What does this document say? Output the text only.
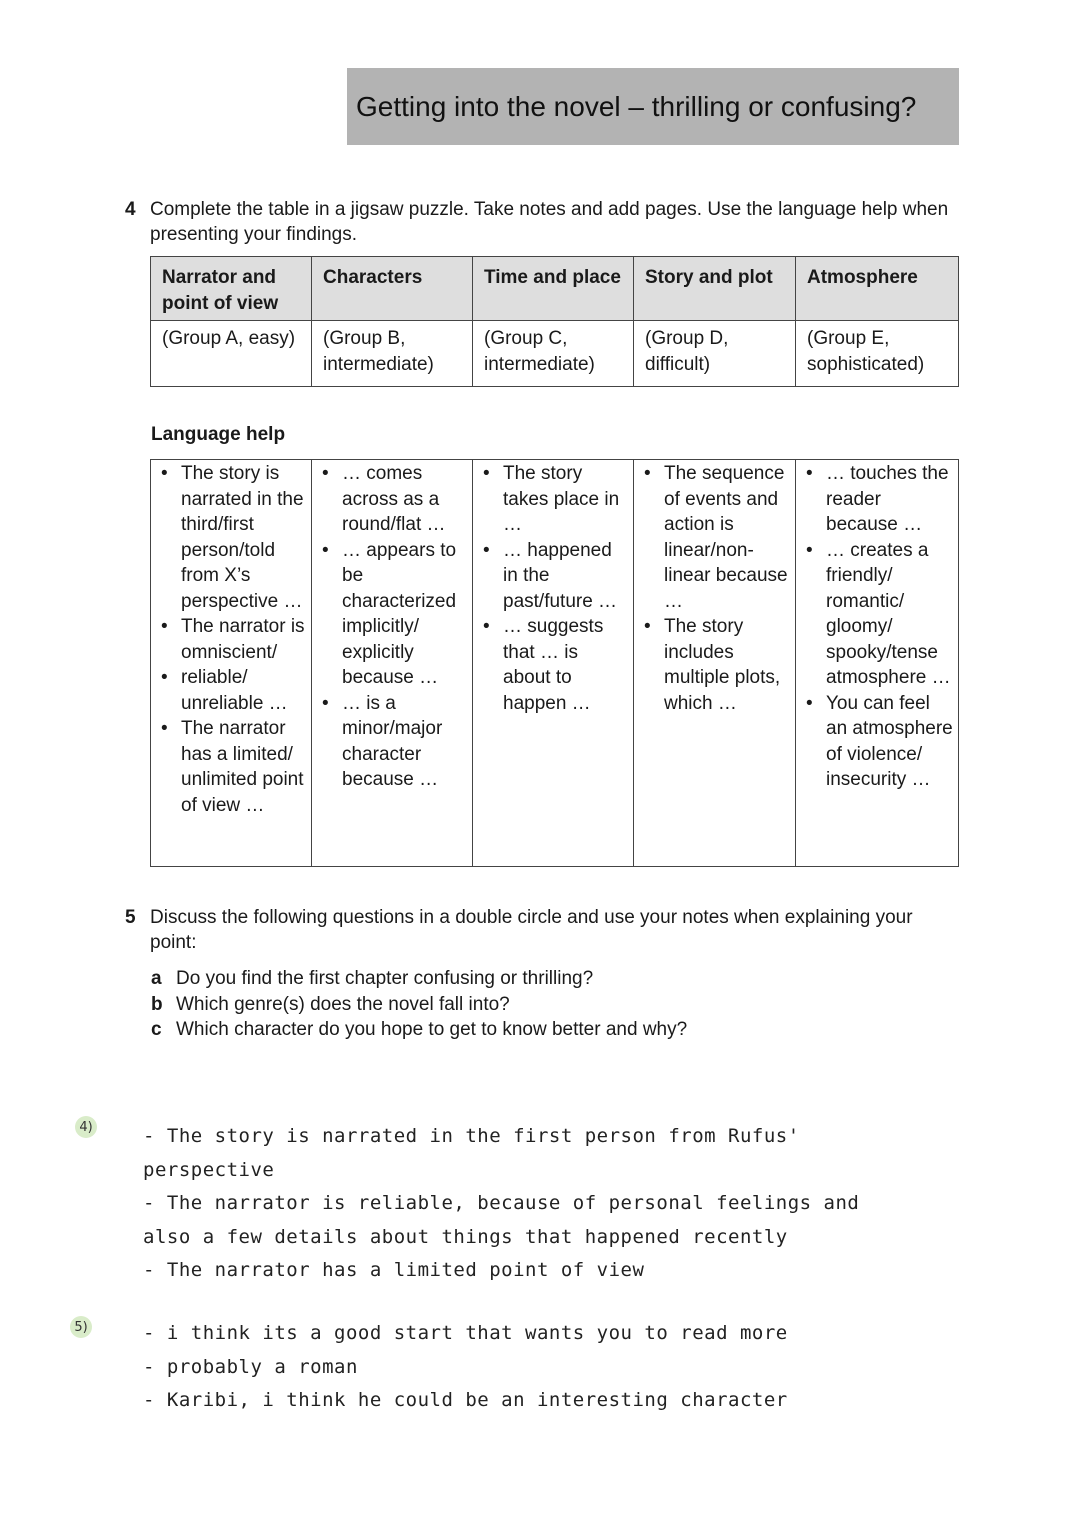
Getting into the novel – thrilling or confusing?
4 Complete the table in a jigsaw puzzle. Take notes and add pages. Use the language help when presenting your findings.
Narrator and point of view	Characters	Time and place	Story and plot	Atmosphere
(Group A, easy)	(Group B, intermediate)	(Group C, intermediate)	(Group D, difficult)	(Group E, sophisticated)
Language help
• The story is narrated in the third/first person/told from X’s perspective …
• The narrator is omniscient/
• reliable/ unreliable …
• The narrator has a limited/ unlimited point of view …

• … comes across as a round/flat …
• … appears to be characterized implicitly/ explicitly because …
• … is a minor/major character because …

• The story takes place in …
• … happened in the past/future …
• … suggests that … is about to happen …

• The sequence of events and action is linear/non-linear because …
• The story includes multiple plots, which …

• … touches the reader because …
• … creates a friendly/ romantic/ gloomy/ spooky/tense atmosphere …
• You can feel an atmosphere of violence/ insecurity …
5 Discuss the following questions in a double circle and use your notes when explaining your point:
a Do you find the first chapter confusing or thrilling?
b Which genre(s) does the novel fall into?
c Which character do you hope to get to know better and why?
4)	- The story is narrated in the first person from Rufus'
perspective
- The narrator is reliable, because of personal feelings and
also a few details about things that happened recently
- The narrator has a limited point of view
5)	- i think its a good start that wants you to read more
- probably a roman
- Karibi, i think he could be an interesting character
